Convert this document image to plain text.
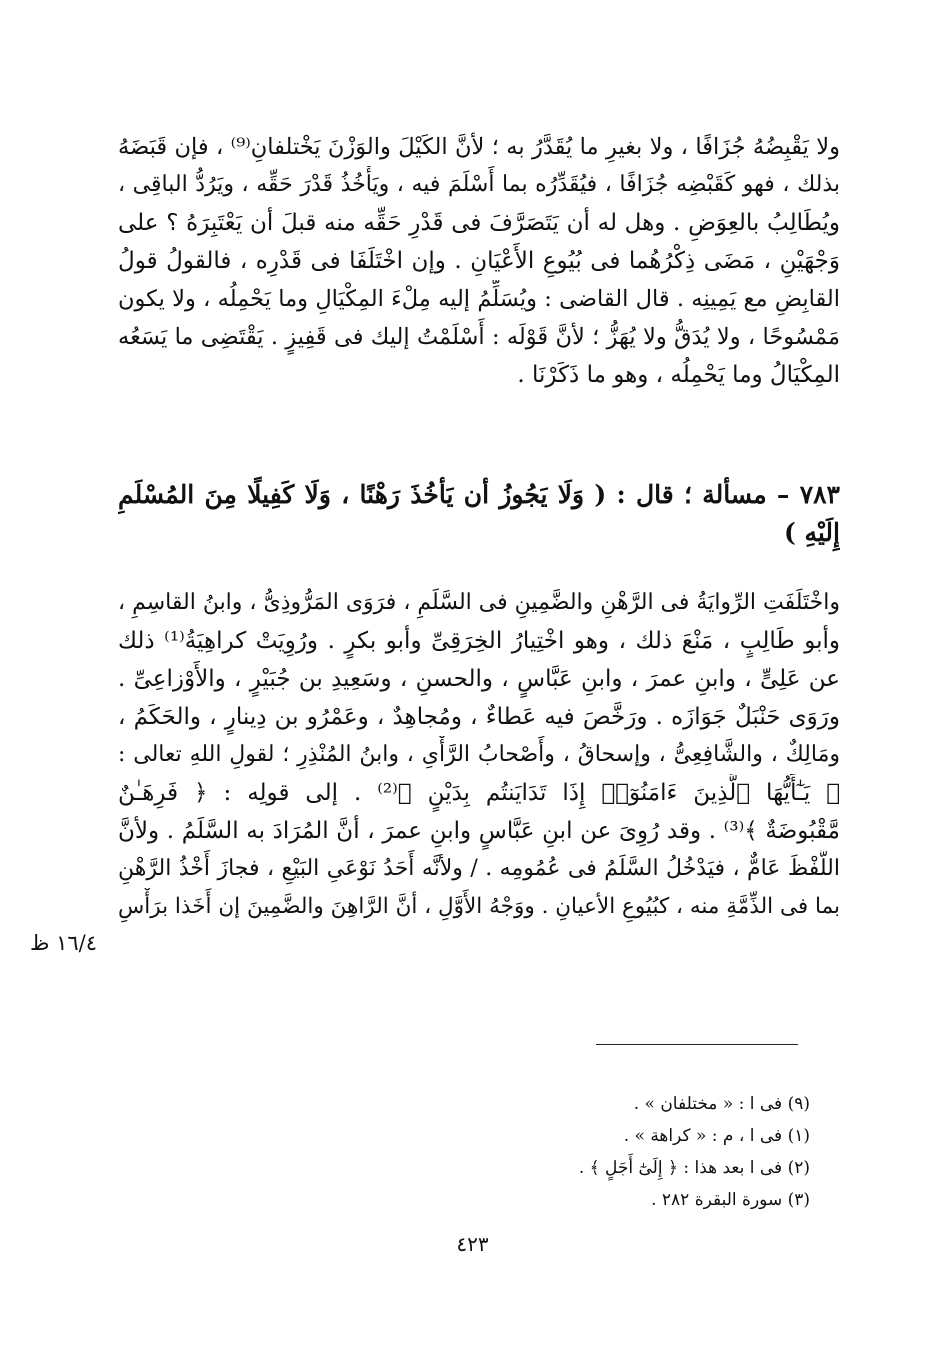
ولا يَقْبِضُهُ جُزَافًا ، ولا بغيرِ ما يُقَدَّرُ به ؛ لأنَّ الكَيْلَ والوَزْنَ يَخْتلفانِ⁽⁹⁾ ، فإن قَبَضَهُ
بذلك ، فهو كَقَبْضِه جُزَافًا ، فيُقَدِّرُه بما أَسْلَمَ فيه ، ويَأْخُذُ قَدْرَ حَقِّه ، ويَرُدُّ الباقِى ،
ويُطَالِبُ بالعِوَضِ . وهل له أن يَتَصَرَّفَ فى قَدْرِ حَقِّه منه قبلَ أن يَعْتَبِرَهُ ؟ على
وَجْهَيْنِ ، مَضَى ذِكْرُهُما فى بُيُوعِ الأَعْيَانِ . وإن اخْتَلَفَا فى قَدْرِه ، فالقولُ قولُ
القابِضِ مع يَمِينِه . قال القاضى : ويُسَلِّمُ إليه مِلْءَ المِكْيَالِ وما يَحْمِلُه ، ولا يكون
مَمْسُوحًا ، ولا يُدَقُّ ولا يُهَزُّ ؛ لأنَّ قَوْلَه : أَسْلَمْتُ إليك فى قَفِيزٍ . يَقْتَضِى ما يَسَعُه
المِكْيَالُ وما يَحْمِلُه ، وهو ما ذَكَرْنَا .
٧٨٣ – مسألة ؛ قال : ( وَلَا يَجُوزُ أن يَأْخُذَ رَهْنًا ، وَلَا كَفِيلًا مِنَ المُسْلَمِ
إِلَيْهِ )
واخْتَلَفَتِ الرِّوايَةُ فى الرَّهْنِ والضَّمِينِ فى السَّلَمِ ، فرَوَى المَرُّوذِىُّ ، وابنُ القاسِمِ ،
وأبو طَالِبٍ ، مَنْعَ ذلك ، وهو اخْتِيارُ الخِرَقِىِّ وأبو بكرٍ . ورُوِيَتْ كراهِيَةُ⁽¹⁾ ذلك
عن عَلِىٍّ ، وابنِ عمرَ ، وابنِ عَبَّاسٍ ، والحسنِ ، وسَعِيدِ بن جُبَيْرٍ ، والأَوْزاعِىِّ .
ورَوَى حَنْبَلٌ جَوَازَه . ورَخَّصَ فيه عَطاءٌ ، ومُجاهِدٌ ، وعَمْرُو بن دِينارٍ ، والحَكَمُ ،
ومَالِكٌ ، والشَّافِعِىُّ ، وإسحاقُ ، وأَصْحابُ الرَّأْىِ ، وابنُ المُنْذِرِ ؛ لقولِ اللهِ تعالى :
﴿ يَـٰٓأَيُّهَا ٱلَّذِينَ ءَامَنُوٓا۟ إِذَا تَدَايَنتُم بِدَيْنٍ ﴾⁽²⁾ . إلى قولِه : ﴿ فَرِهَـٰنٌ
مَّقْبُوضَةٌ ﴾⁽³⁾ . وقد رُوِىَ عن ابنِ عَبَّاسٍ وابنِ عمرَ ، أنَّ المُرَادَ به السَّلَمُ . ولأنَّ
اللَّفْظَ عَامٌّ ، فيَدْخُلُ السَّلَمُ فى عُمُومِه . / ولأنَّه أَحَدُ نَوْعَىِ البَيْعِ ، فجازَ أَخْذُ الرَّهْنِ
بما فى الذِّمَّةِ منه ، كبُيُوعِ الأعيانِ . ووَجْهُ الأَوَّلِ ، أنَّ الرَّاهِنَ والضَّمِينَ إن أَخَذا برَأْسِ
١٦/٤ ظ
(٩) فى ا : « مختلفان » .
(١) فى ا ، م : « كراهة » .
(٢) فى ا بعد هذا : ﴿ إِلَىٰٓ أَجَلٍ ﴾ .
(٣) سورة البقرة ٢٨٢ .
٤٢٣
